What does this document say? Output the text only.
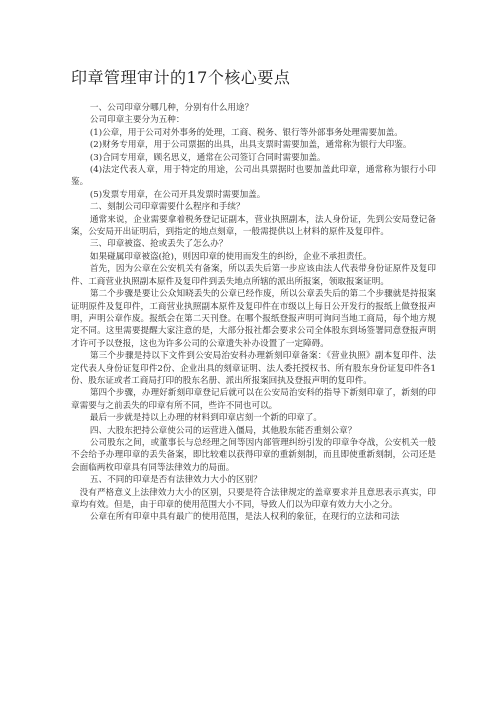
印章管理审计的17个核心要点

一、公司印章分哪几种，分别有什么用途？

公司印章主要分为五种：

(1)公章，用于公司对外事务的处理，工商、税务、银行等外部事务处理需要加盖。

(2)财务专用章，用于公司票据的出具，出具支票时需要加盖，通常称为银行大印鉴。

(3)合同专用章，顾名思义，通常在公司签订合同时需要加盖。

(4)法定代表人章，用于特定的用途，公司出具票据时也要加盖此印章，通常称为银行小印鉴。

(5)发票专用章，在公司开具发票时需要加盖。

二、刻制公司印章需要什么程序和手续？

通常来说，企业需要拿着税务登记证副本，营业执照副本，法人身份证，先到公安局登记备案，公安局开出证明后，到指定的地点刻章，一般需提供以上材料的原件及复印件。

三、印章被盗、抢或丢失了怎么办？

如果碰属印章被盗(抢)，则因印章的使用而发生的纠纷，企业不承担责任。

首先，因为公章在公安机关有备案，所以丢失后第一步应该由法人代表带身份证原件及复印件、工商营业执照副本原件及复印件到丢失地点所辖的派出所报案，领取报案证明。

第二个步骤是要让公众知晓丢失的公章已经作废，所以公章丢失后的第二个步骤就是持报案证明原件及复印件，工商营业执照副本原件及复印件在市级以上每日公开发行的报纸上做登报声明，声明公章作废。报纸会在第二天刊登。在哪个报纸登报声明可询问当地工商局，每个地方规定不同。这里需要提醒大家注意的是，大部分报社都会要求公司全体股东到场签署同意登报声明才许可予以登报，这也为许多公司的公章遗失补办设置了一定障碍。

第三个步骤是持以下文件到公安局治安科办理新刻印章备案：《营业执照》副本复印件、法定代表人身份证复印件2份、企业出具的刻章证明、法人委托授权书、所有股东身份证复印件各1份、股东证或者工商局打印的股东名册、派出所报案回执及登报声明的复印件。

第四个步骤，办理好新刻印章登记后就可以在公安局治安科的指导下新刻印章了，新刻的印章需要与之前丢失的印章有所不同，些许不同也可以。

最后一步就是持以上办理的材料到印章店刻一个新的印章了。

四、大股东把持公章使公司的运营进入僵局，其他股东能否重刻公章？

公司股东之间，或董事长与总经理之间等因内部管理纠纷引发的印章争夺战，公安机关一般不会给予办理印章的丢失备案，即比较难以获得印章的重新刻制，而且即使重新刻制，公司还是会面临两枚印章具有同等法律效力的局面。

五、不同的印章是否有法律效力大小的区别？

没有严格意义上法律效力大小的区别，只要是符合法律规定的盖章要求并且意思表示真实，印章均有效。但是，由于印章的使用范围大小不同，导致人们以为印章有效力大小之分。

公章在所有印章中具有最广的使用范围，是法人权利的象征，在现行的立法和司法
